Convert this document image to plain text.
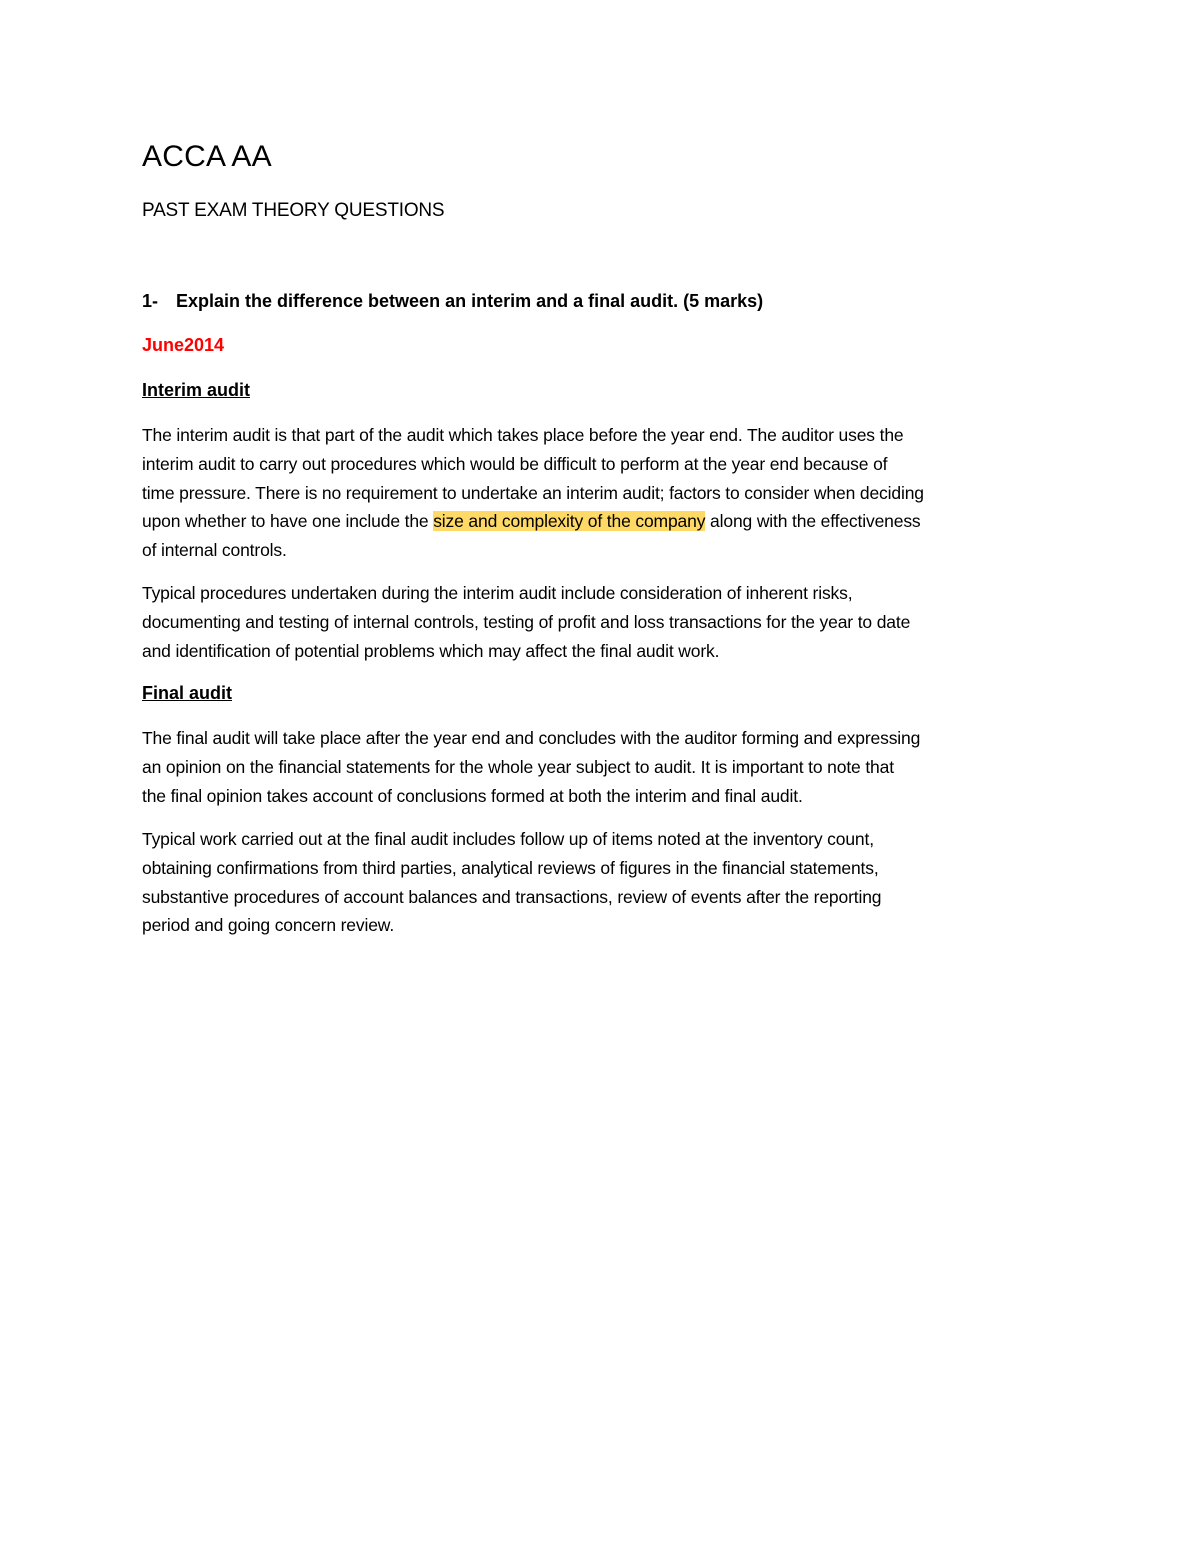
ACCA AA
PAST EXAM THEORY QUESTIONS
1- Explain the difference between an interim and a final audit. (5 marks)
June2014
Interim audit

The interim audit is that part of the audit which takes place before the year end. The auditor uses the
interim audit to carry out procedures which would be difficult to perform at the year end because of
time pressure. There is no requirement to undertake an interim audit; factors to consider when deciding
upon whether to have one include the size and complexity of the company along with the effectiveness
of internal controls.

Typical procedures undertaken during the interim audit include consideration of inherent risks,
documenting and testing of internal controls, testing of profit and loss transactions for the year to date
and identification of potential problems which may affect the final audit work.

Final audit

The final audit will take place after the year end and concludes with the auditor forming and expressing
an opinion on the financial statements for the whole year subject to audit. It is important to note that
the final opinion takes account of conclusions formed at both the interim and final audit.

Typical work carried out at the final audit includes follow up of items noted at the inventory count,
obtaining confirmations from third parties, analytical reviews of figures in the financial statements,
substantive procedures of account balances and transactions, review of events after the reporting
period and going concern review.
